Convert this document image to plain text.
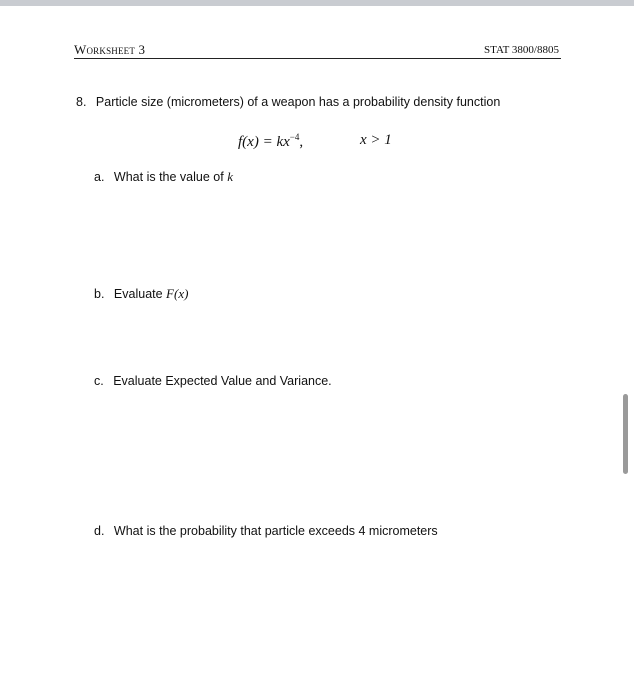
Worksheet 3	STAT 3800/8805
8. Particle size (micrometers) of a weapon has a probability density function
$f(x) = kx^{-4}$,	x > 1
a. What is the value of k
b. Evaluate F(x)
c. Evaluate Expected Value and Variance.
d. What is the probability that particle exceeds 4 micrometers
